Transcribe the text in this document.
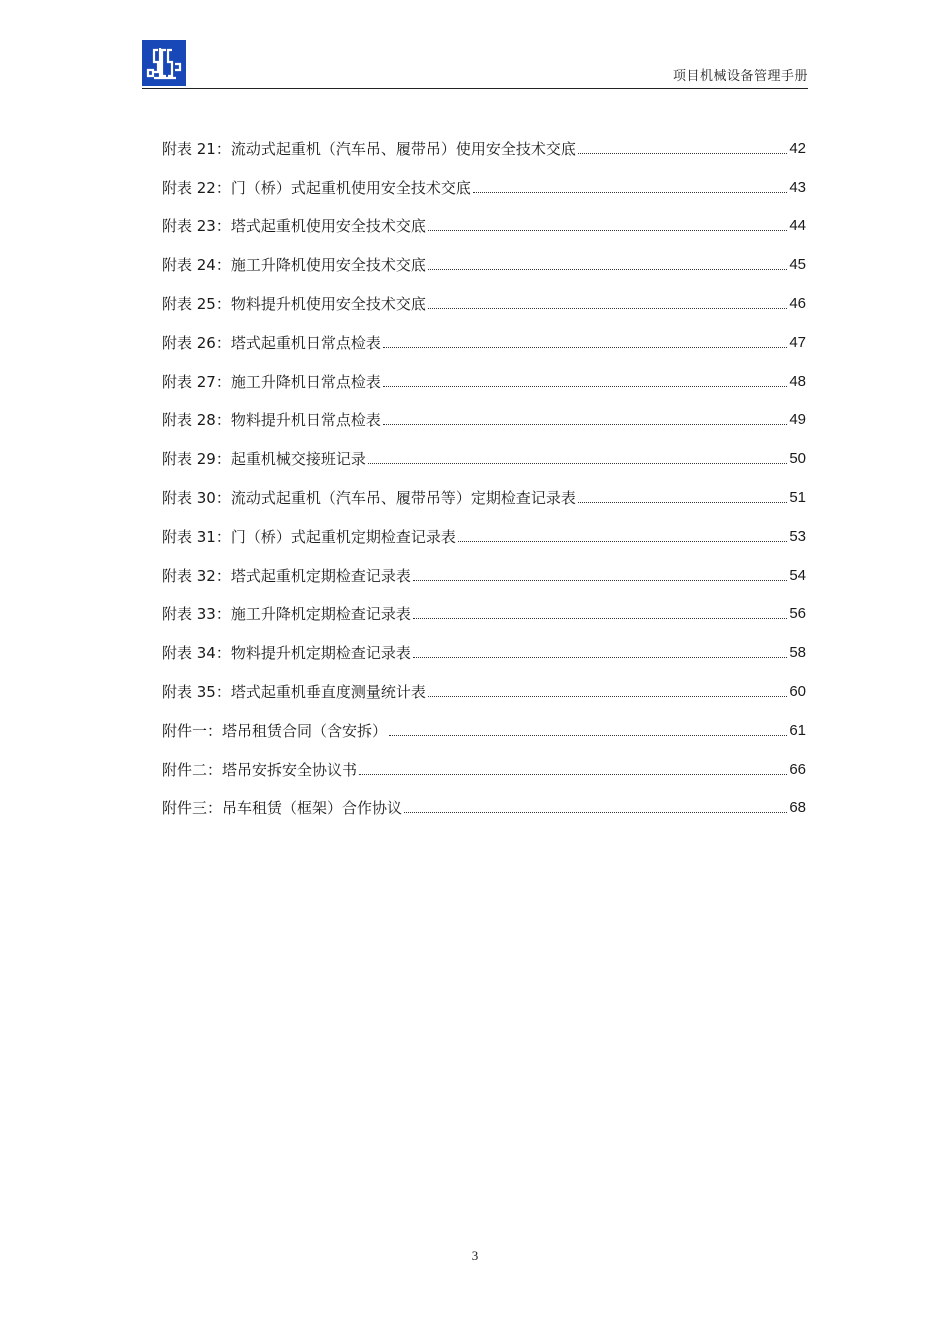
项目机械设备管理手册
附表 21：流动式起重机（汽车吊、履带吊）使用安全技术交底	42
附表 22：门（桥）式起重机使用安全技术交底	43
附表 23：塔式起重机使用安全技术交底	44
附表 24：施工升降机使用安全技术交底	45
附表 25：物料提升机使用安全技术交底	46
附表 26：塔式起重机日常点检表	47
附表 27：施工升降机日常点检表	48
附表 28：物料提升机日常点检表	49
附表 29：起重机械交接班记录	50
附表 30：流动式起重机（汽车吊、履带吊等）定期检查记录表	51
附表 31：门（桥）式起重机定期检查记录表	53
附表 32：塔式起重机定期检查记录表	54
附表 33：施工升降机定期检查记录表	56
附表 34：物料提升机定期检查记录表	58
附表 35：塔式起重机垂直度测量统计表	60
附件一：塔吊租赁合同（含安拆）	61
附件二：塔吊安拆安全协议书	66
附件三：吊车租赁（框架）合作协议	68
3
